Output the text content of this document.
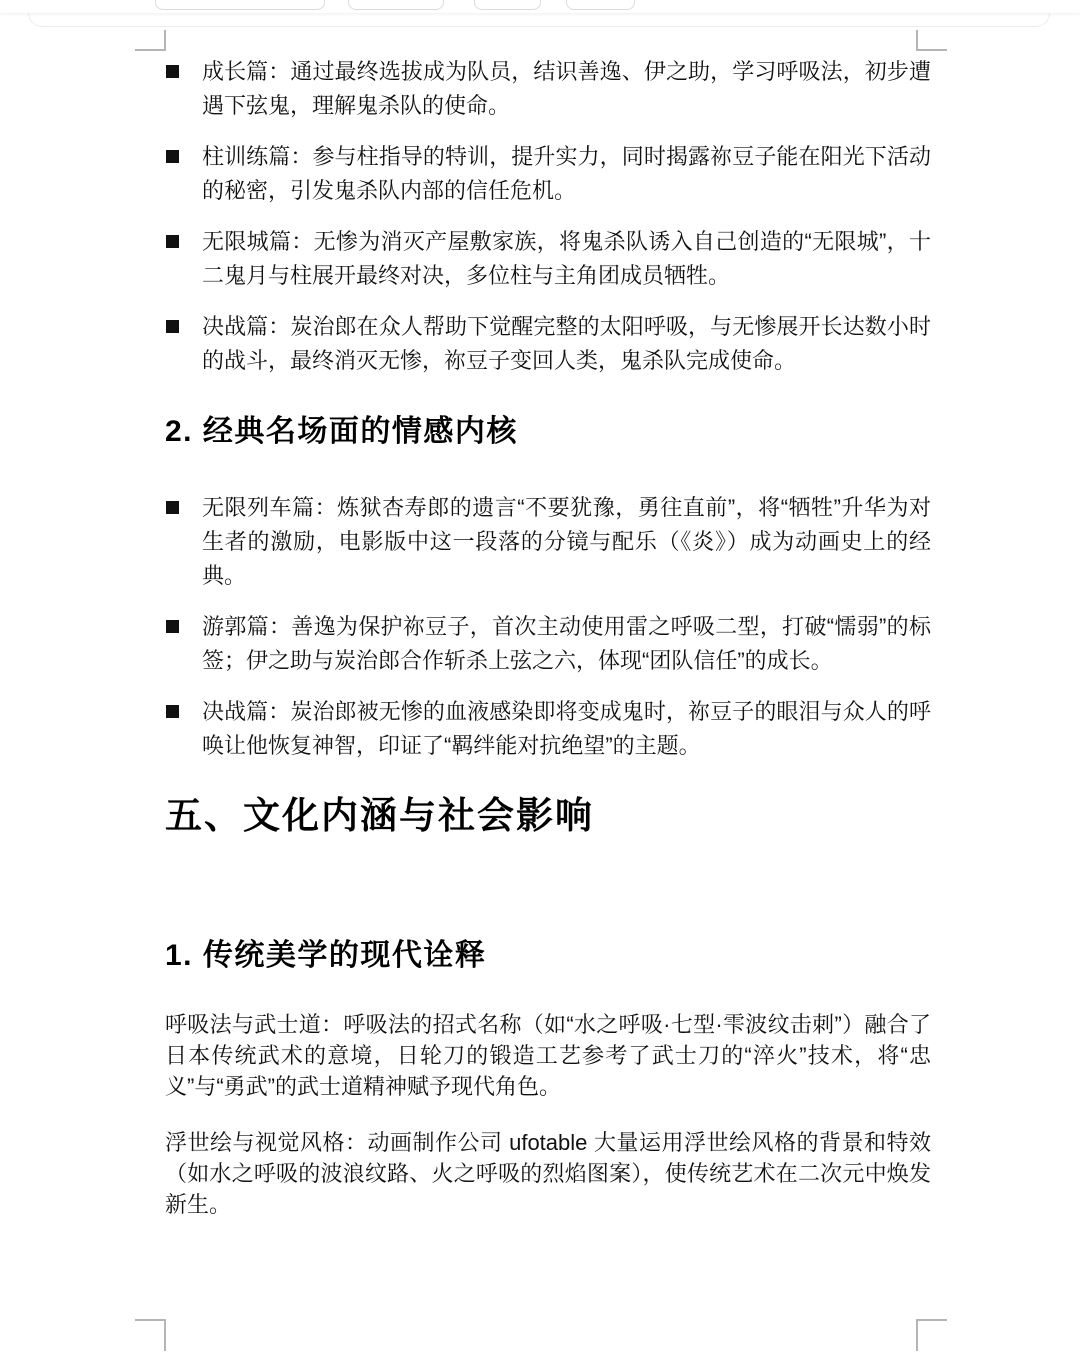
成长篇：通过最终选拔成为队员，结识善逸、伊之助，学习呼吸法，初步遭遇下弦鬼，理解鬼杀队的使命。
柱训练篇：参与柱指导的特训，提升实力，同时揭露祢豆子能在阳光下活动的秘密，引发鬼杀队内部的信任危机。
无限城篇：无惨为消灭产屋敷家族，将鬼杀队诱入自己创造的“无限城”，十二鬼月与柱展开最终对决，多位柱与主角团成员牺牲。
决战篇：炭治郎在众人帮助下觉醒完整的太阳呼吸，与无惨展开长达数小时的战斗，最终消灭无惨，祢豆子变回人类，鬼杀队完成使命。
2. 经典名场面的情感内核
无限列车篇：炼狱杏寿郎的遗言“不要犹豫，勇往直前”，将“牺牲”升华为对生者的激励，电影版中这一段落的分镜与配乐（《炎》）成为动画史上的经典。
游郭篇：善逸为保护祢豆子，首次主动使用雷之呼吸二型，打破“懦弱”的标签；伊之助与炭治郎合作斩杀上弦之六，体现“团队信任”的成长。
决战篇：炭治郎被无惨的血液感染即将变成鬼时，祢豆子的眼泪与众人的呼唤让他恢复神智，印证了“羁绊能对抗绝望”的主题。
五、文化内涵与社会影响
1. 传统美学的现代诠释

呼吸法与武士道：呼吸法的招式名称（如“水之呼吸·七型·雫波纹击刺”）融合了日本传统武术的意境，日轮刀的锻造工艺参考了武士刀的“淬火”技术，将“忠义”与“勇武”的武士道精神赋予现代角色。

浮世绘与视觉风格：动画制作公司 ufotable 大量运用浮世绘风格的背景和特效（如水之呼吸的波浪纹路、火之呼吸的烈焰图案），使传统艺术在二次元中焕发新生。
